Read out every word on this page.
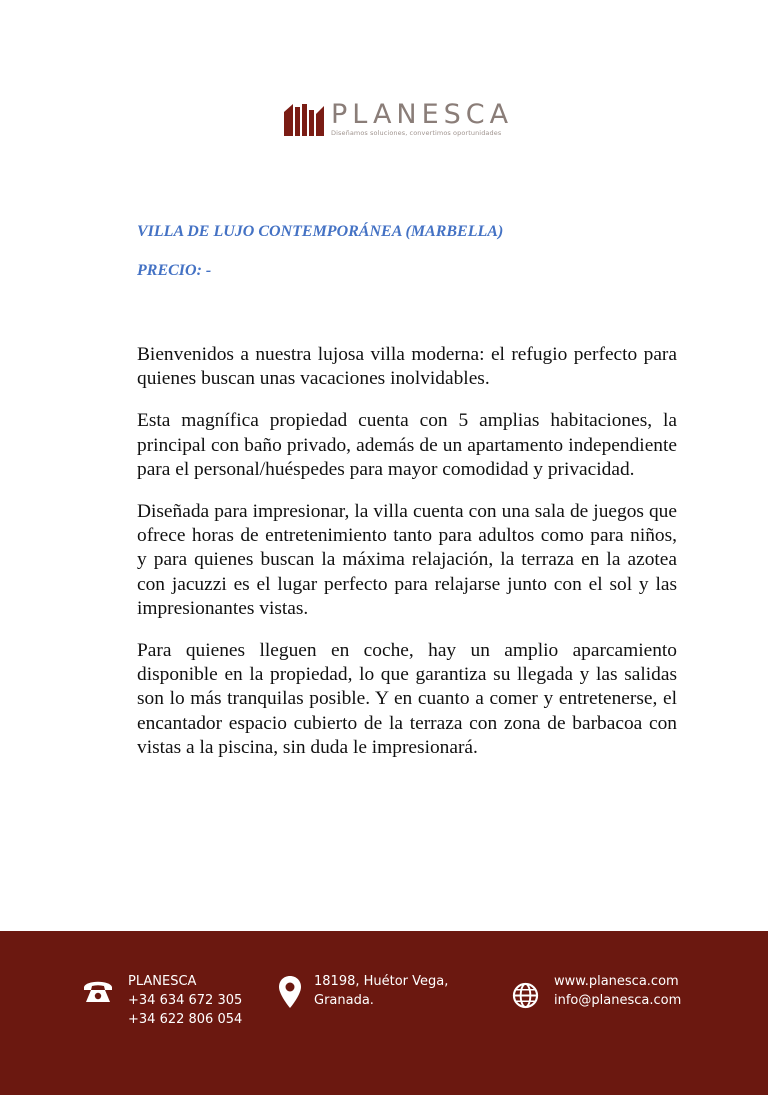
PLANESCA
Diseñamos soluciones, convertimos oportunidades
VILLA DE LUJO CONTEMPORÁNEA (MARBELLA)
PRECIO: -

Bienvenidos a nuestra lujosa villa moderna: el refugio perfecto para quienes buscan unas vacaciones inolvidables.

Esta magnífica propiedad cuenta con 5 amplias habitaciones, la principal con baño privado, además de un apartamento independiente para el personal/huéspedes para mayor comodidad y privacidad.

Diseñada para impresionar, la villa cuenta con una sala de juegos que ofrece horas de entretenimiento tanto para adultos como para niños, y para quienes buscan la máxima relajación, la terraza en la azotea con jacuzzi es el lugar perfecto para relajarse junto con el sol y las impresionantes vistas.

Para quienes lleguen en coche, hay un amplio aparcamiento disponible en la propiedad, lo que garantiza su llegada y las salidas son lo más tranquilas posible. Y en cuanto a comer y entretenerse, el encantador espacio cubierto de la terraza con zona de barbacoa con vistas a la piscina, sin duda le impresionará.

PLANESCA
+34 634 672 305
+34 622 806 054
18198, Huétor Vega,
Granada.
www.planesca.com
info@planesca.com
